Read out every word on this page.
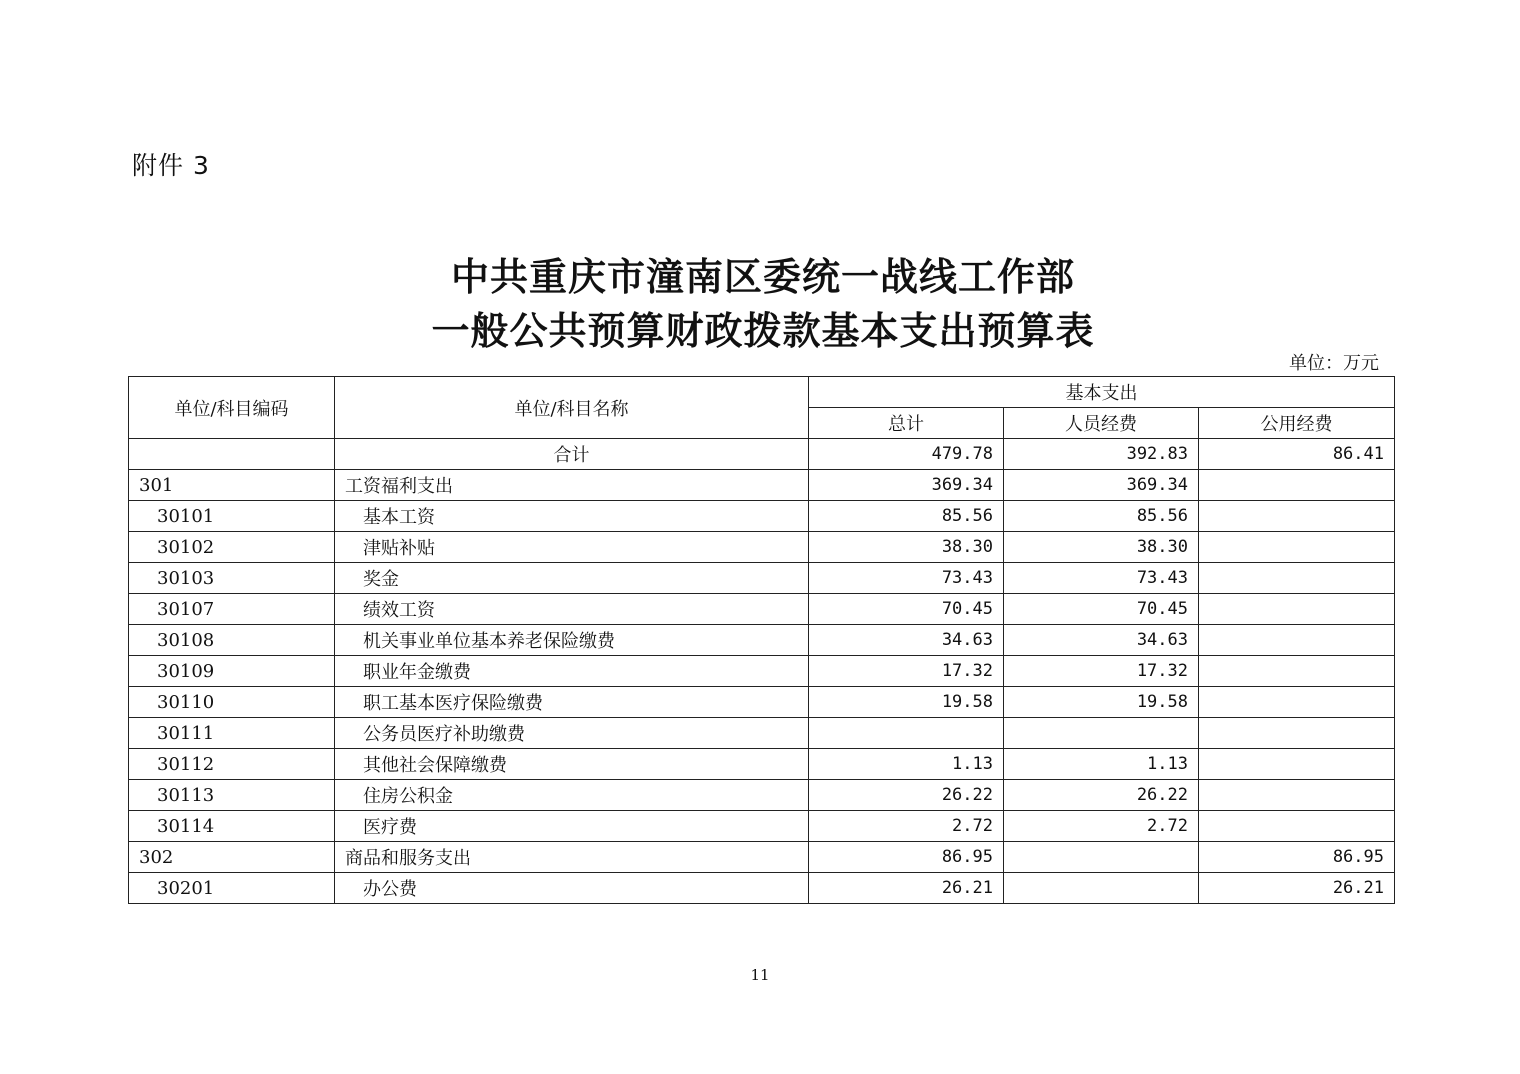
附件 3
中共重庆市潼南区委统一战线工作部
一般公共预算财政拨款基本支出预算表
单位：万元
单位/科目编码	单位/科目名称	基本支出		
		总计	人员经费	公用经费
	合计	479.78	392.83	86.41
301	工资福利支出	369.34	369.34	
30101	基本工资	85.56	85.56	
30102	津贴补贴	38.30	38.30	
30103	奖金	73.43	73.43	
30107	绩效工资	70.45	70.45	
30108	机关事业单位基本养老保险缴费	34.63	34.63	
30109	职业年金缴费	17.32	17.32	
30110	职工基本医疗保险缴费	19.58	19.58	
30111	公务员医疗补助缴费			
30112	其他社会保障缴费	1.13	1.13	
30113	住房公积金	26.22	26.22	
30114	医疗费	2.72	2.72	
302	商品和服务支出	86.95		86.95
30201	办公费	26.21		26.21
11
